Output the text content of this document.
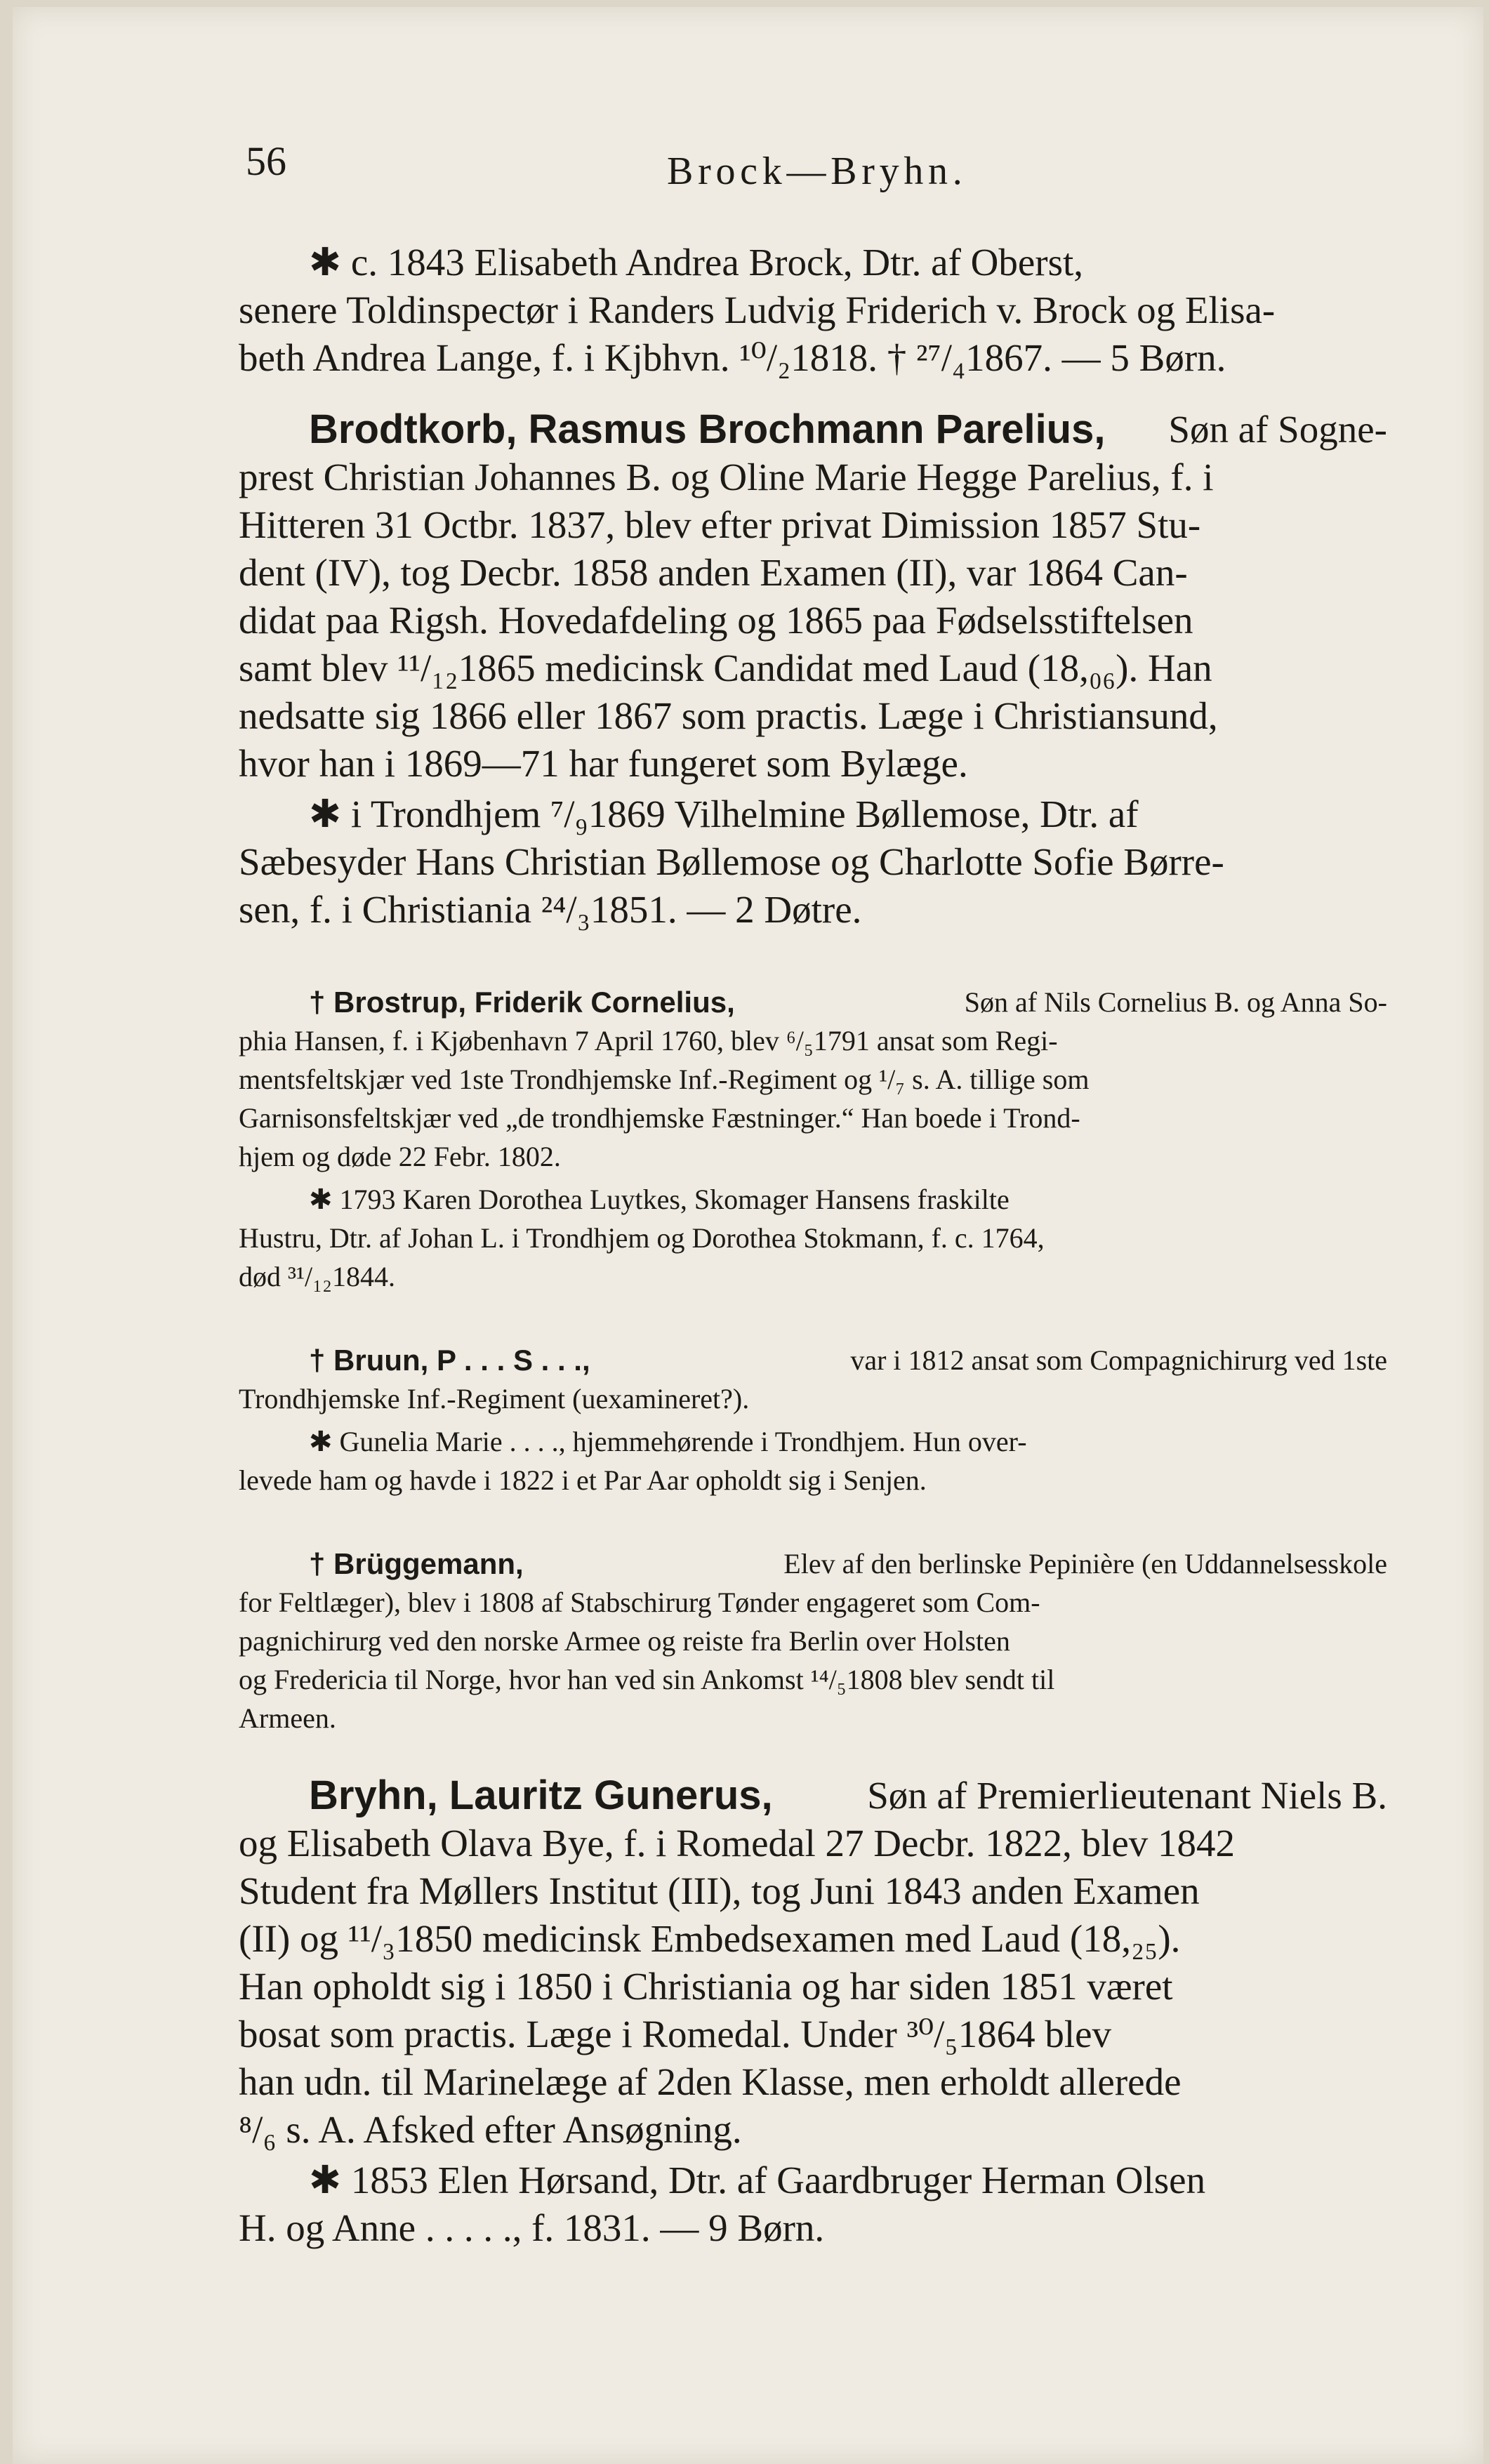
56	Brock—Bryhn.
✱ c. 1843 Elisabeth Andrea Brock, Dtr. af Oberst,
senere Toldinspectør i Randers Ludvig Friderich v. Brock og Elisa-
beth Andrea Lange, f. i Kjbhvn. ¹⁰/₂1818. † ²⁷/₄1867. — 5 Børn.
Brodtkorb, Rasmus Brochmann Parelius, Søn af Sogne-
prest Christian Johannes B. og Oline Marie Hegge Parelius, f. i
Hitteren 31 Octbr. 1837, blev efter privat Dimission 1857 Stu-
dent (IV), tog Decbr. 1858 anden Examen (II), var 1864 Can-
didat paa Rigsh. Hovedafdeling og 1865 paa Fødselsstiftelsen
samt blev ¹¹/₁₂1865 medicinsk Candidat med Laud (18,₀₆). Han
nedsatte sig 1866 eller 1867 som practis. Læge i Christiansund,
hvor han i 1869—71 har fungeret som Bylæge.
✱ i Trondhjem ⁷/₉1869 Vilhelmine Bøllemose, Dtr. af
Sæbesyder Hans Christian Bøllemose og Charlotte Sofie Børre-
sen, f. i Christiania ²⁴/₃1851. — 2 Døtre.
† Brostrup, Friderik Cornelius,	Søn af Nils Cornelius B. og Anna So-
phia Hansen, f. i Kjøbenhavn 7 April 1760, blev ⁶/₅1791 ansat som Regi-
mentsfeltskjær ved 1ste Trondhjemske Inf.-Regiment og ¹/₇ s. A. tillige som
Garnisonsfeltskjær ved „de trondhjemske Fæstninger.“ Han boede i Trond-
hjem og døde 22 Febr. 1802.
✱ 1793 Karen Dorothea Luytkes, Skomager Hansens fraskilte
Hustru, Dtr. af Johan L. i Trondhjem og Dorothea Stokmann, f. c. 1764,
død ³¹/₁₂1844.
† Bruun, P . . . S . . .,	var i 1812 ansat som Compagnichirurg ved 1ste
Trondhjemske Inf.-Regiment (uexamineret?).
✱ Gunelia Marie . . . ., hjemmehørende i Trondhjem. Hun over-
levede ham og havde i 1822 i et Par Aar opholdt sig i Senjen.
† Brüggemann,	Elev af den berlinske Pepinière (en Uddannelsesskole
for Feltlæger), blev i 1808 af Stabschirurg Tønder engageret som Com-
pagnichirurg ved den norske Armee og reiste fra Berlin over Holsten
og Fredericia til Norge, hvor han ved sin Ankomst ¹⁴/₅1808 blev sendt til
Armeen.
Bryhn, Lauritz Gunerus, Søn af Premierlieutenant Niels B.
og Elisabeth Olava Bye, f. i Romedal 27 Decbr. 1822, blev 1842
Student fra Møllers Institut (III), tog Juni 1843 anden Examen
(II) og ¹¹/₃1850 medicinsk Embedsexamen med Laud (18,₂₅).
Han opholdt sig i 1850 i Christiania og har siden 1851 været
bosat som practis. Læge i Romedal. Under ³⁰/₅1864 blev
han udn. til Marinelæge af 2den Klasse, men erholdt allerede
⁸/₆ s. A. Afsked efter Ansøgning.
✱ 1853 Elen Hørsand, Dtr. af Gaardbruger Herman Olsen
H. og Anne . . . . ., f. 1831. — 9 Børn.
